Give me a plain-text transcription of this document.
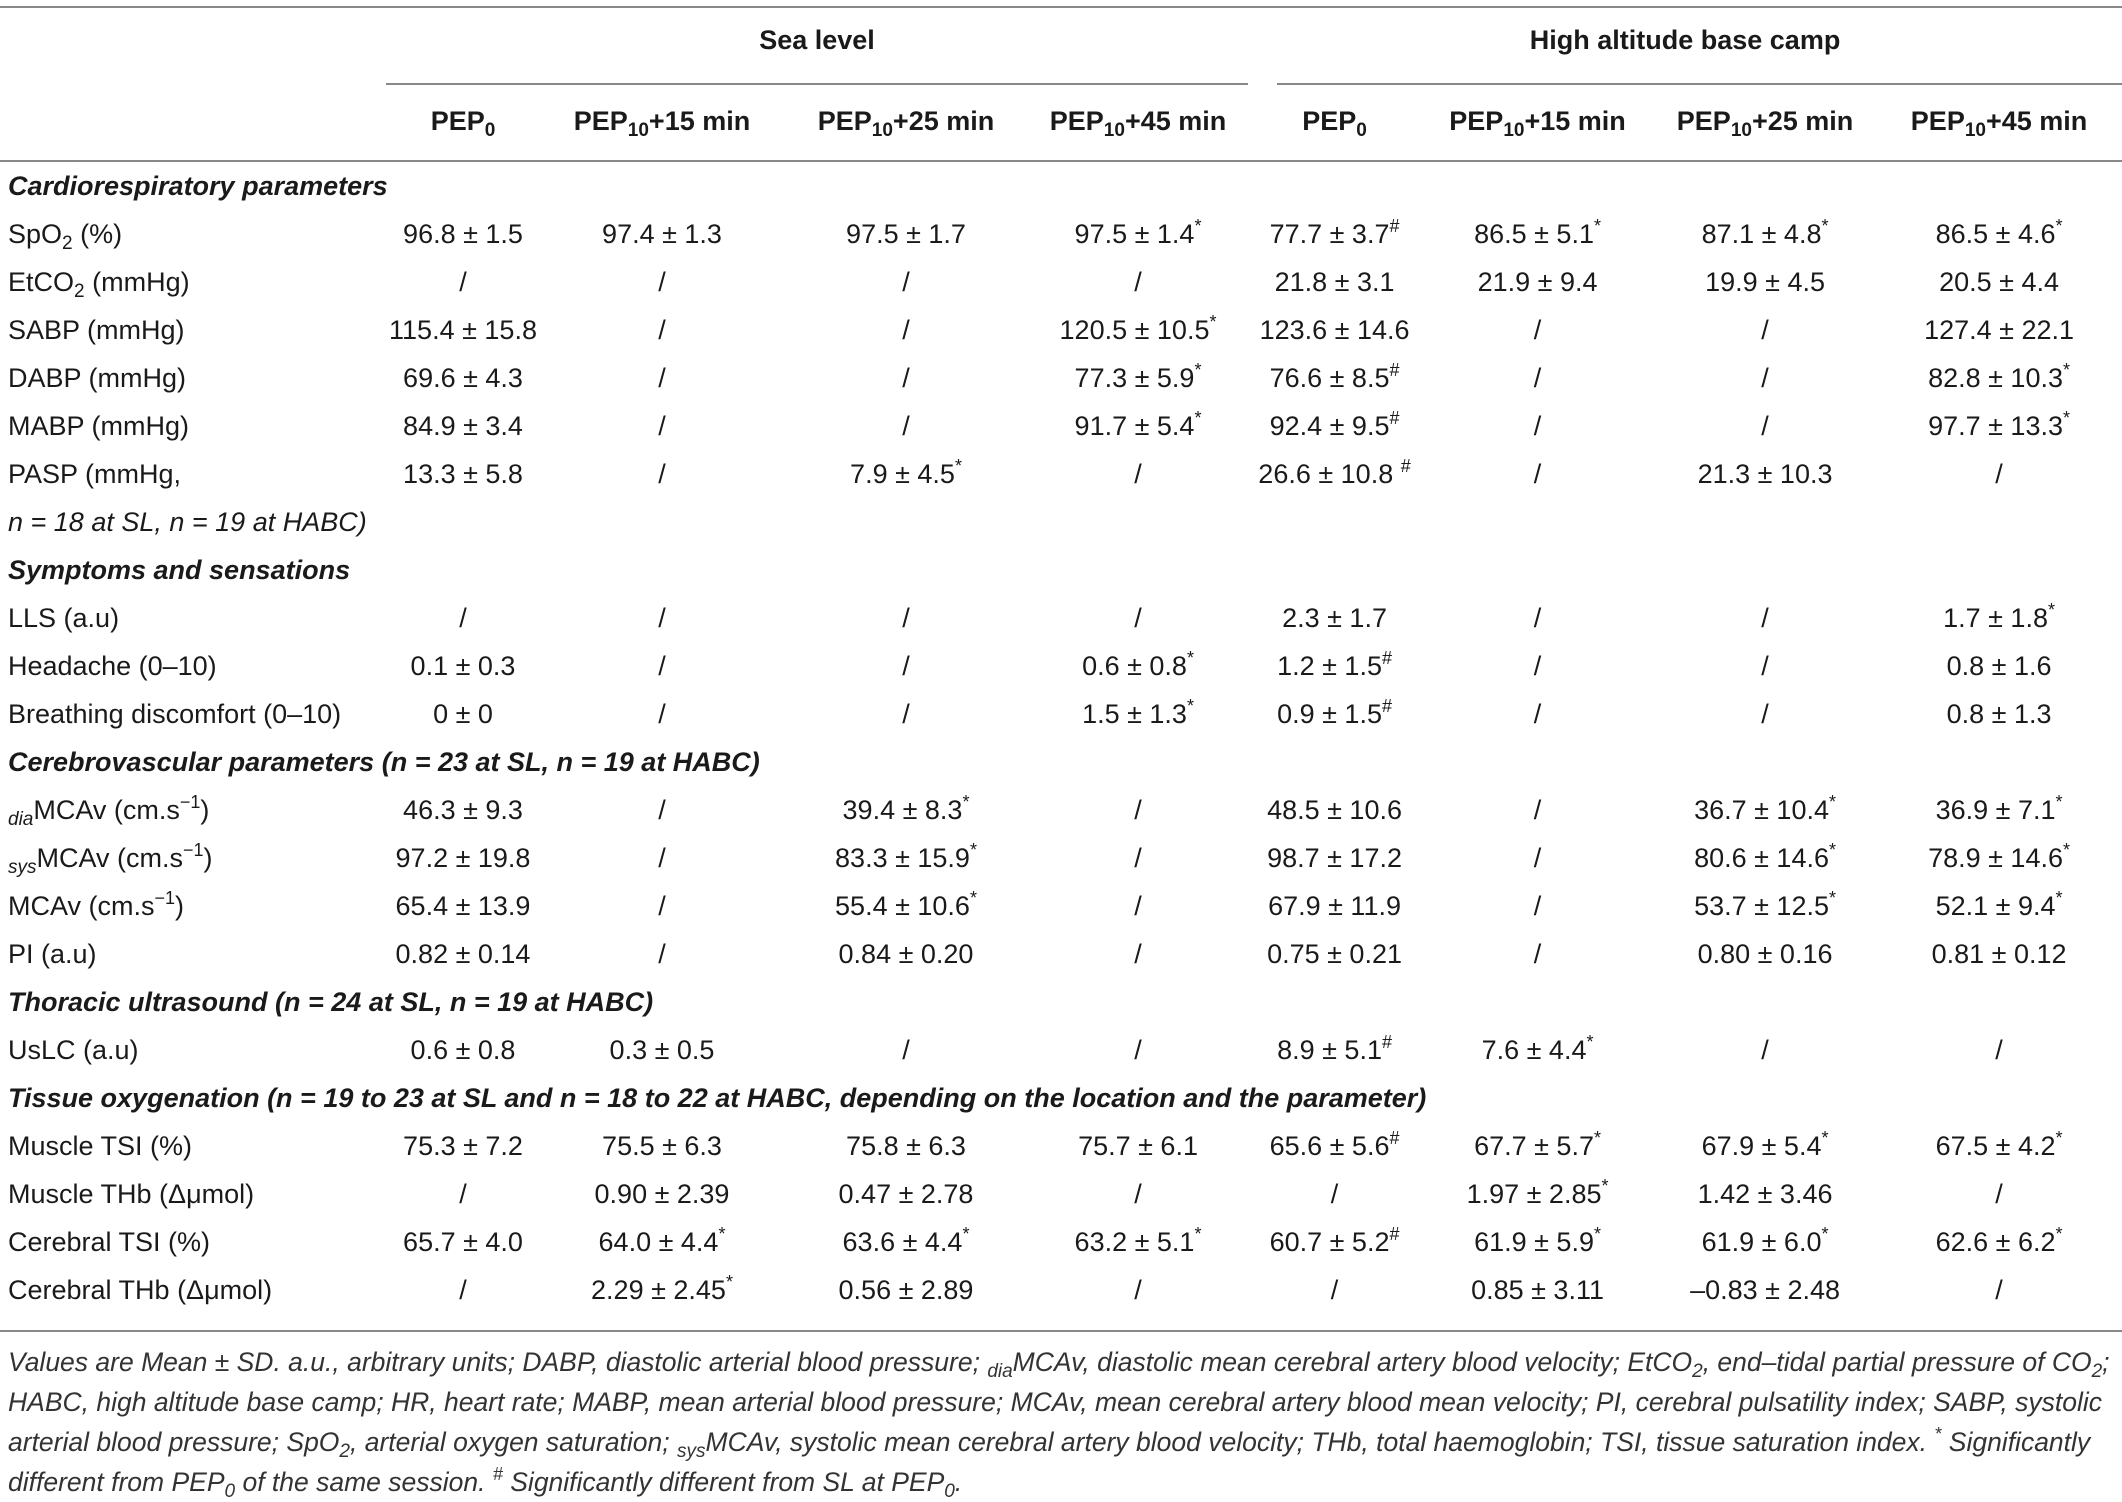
	Sea level				High altitude base camp			
	$PEP_0$	$PEP_{10}+15$ min	$PEP_{10}+25$ min	$PEP_{10}+45$ min	$PEP_0$	$PEP_{10}+15$ min	$PEP_{10}+25$ min	$PEP_{10}+45$ min
Cardiorespiratory parameters								
SpO$_2$ (%)	96.8 ± 1.5	97.4 ± 1.3	97.5 ± 1.7	97.5 ± 1.4*	77.7 ± 3.7#	86.5 ± 5.1*	87.1 ± 4.8*	86.5 ± 4.6*
EtCO$_2$ (mmHg)	/	/	/	/	21.8 ± 3.1	21.9 ± 9.4	19.9 ± 4.5	20.5 ± 4.4
SABP (mmHg)	115.4 ± 15.8	/	/	120.5 ± 10.5*	123.6 ± 14.6	/	/	127.4 ± 22.1
DABP (mmHg)	69.6 ± 4.3	/	/	77.3 ± 5.9*	76.6 ± 8.5#	/	/	82.8 ± 10.3*
MABP (mmHg)	84.9 ± 3.4	/	/	91.7 ± 5.4*	92.4 ± 9.5#	/	/	97.7 ± 13.3*
PASP (mmHg,	13.3 ± 5.8	/	7.9 ± 4.5*	/	26.6 ± 10.8 #	/	21.3 ± 10.3	/
n = 18 at SL, n = 19 at HABC)								
Symptoms and sensations								
LLS (a.u)	/	/	/	/	2.3 ± 1.7	/	/	1.7 ± 1.8*
Headache (0–10)	0.1 ± 0.3	/	/	0.6 ± 0.8*	1.2 ± 1.5#	/	/	0.8 ± 1.6
Breathing discomfort (0–10)	0 ± 0	/	/	1.5 ± 1.3*	0.9 ± 1.5#	/	/	0.8 ± 1.3
Cerebrovascular parameters (n = 23 at SL, n = 19 at HABC)								
$_{dia}$MCAv $(cm.s^{-1})$	46.3 ± 9.3	/	39.4 ± 8.3*	/	48.5 ± 10.6	/	36.7 ± 10.4*	36.9 ± 7.1*
$_{sys}$MCAv $(cm.s^{-1})$	97.2 ± 19.8	/	83.3 ± 15.9*	/	98.7 ± 17.2	/	80.6 ± 14.6*	78.9 ± 14.6*
MCAv $(cm.s^{-1})$	65.4 ± 13.9	/	55.4 ± 10.6*	/	67.9 ± 11.9	/	53.7 ± 12.5*	52.1 ± 9.4*
PI (a.u)	0.82 ± 0.14	/	0.84 ± 0.20	/	0.75 ± 0.21	/	0.80 ± 0.16	0.81 ± 0.12
Thoracic ultrasound (n = 24 at SL, n = 19 at HABC)								
UsLC (a.u)	0.6 ± 0.8	0.3 ± 0.5	/	/	8.9 ± 5.1#	7.6 ± 4.4*	/	/
Tissue oxygenation (n = 19 to 23 at SL and n = 18 to 22 at HABC, depending on the location and the parameter)								
Muscle TSI (%)	75.3 ± 7.2	75.5 ± 6.3	75.8 ± 6.3	75.7 ± 6.1	65.6 ± 5.6#	67.7 ± 5.7*	67.9 ± 5.4*	67.5 ± 4.2*
Muscle THb (Δμmol)	/	0.90 ± 2.39	0.47 ± 2.78	/	/	1.97 ± 2.85*	1.42 ± 3.46	/
Cerebral TSI (%)	65.7 ± 4.0	64.0 ± 4.4*	63.6 ± 4.4*	63.2 ± 5.1*	60.7 ± 5.2#	61.9 ± 5.9*	61.9 ± 6.0*	62.6 ± 6.2*
Cerebral THb (Δμmol)	/	2.29 ± 2.45*	0.56 ± 2.89	/	/	0.85 ± 3.11	–0.83 ± 2.48	/
Values are Mean ± SD. a.u., arbitrary units; DABP, diastolic arterial blood pressure; $_{dia}$MCAv, diastolic mean cerebral artery blood velocity; EtCO$_2$, end–tidal partial pressure of $CO_2$; HABC, high altitude base camp; HR, heart rate; MABP, mean arterial blood pressure; MCAv, mean cerebral artery blood mean velocity; PI, cerebral pulsatility index; SABP, systolic arterial blood pressure; SpO$_2$, arterial oxygen saturation; $_{sys}$MCAv, systolic mean cerebral artery blood velocity; THb, total haemoglobin; TSI, tissue saturation index. * Significantly different from $PEP_0$ of the same session. # Significantly different from SL at $PEP_0$.
